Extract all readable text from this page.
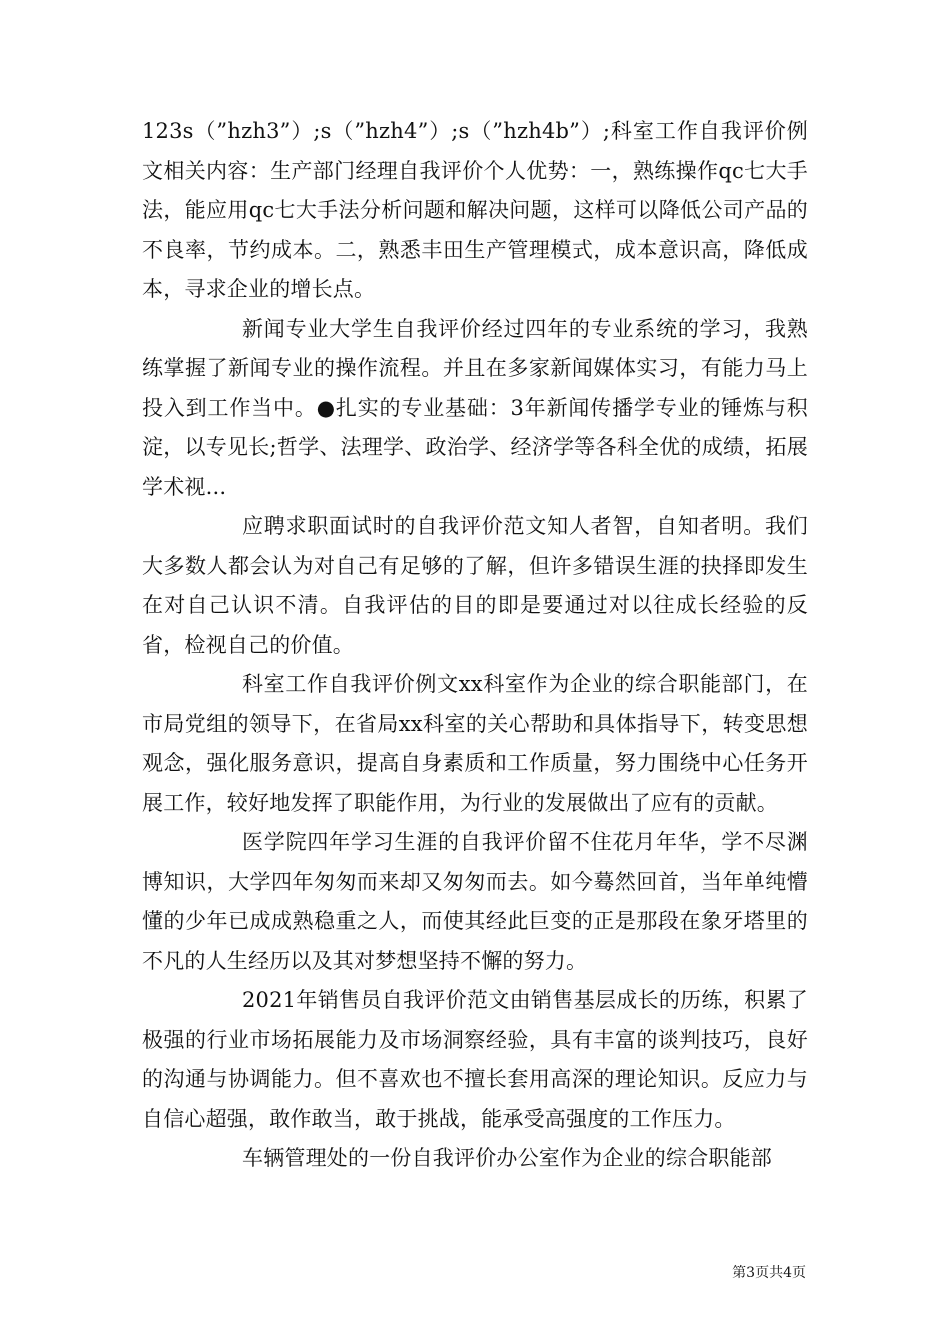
123s（”hzh3”）;s（”hzh4”）;s（”hzh4b”）;科室工作自我评价例文相关内容：生产部门经理自我评价个人优势：一，熟练操作qc七大手法，能应用qc七大手法分析问题和解决问题，这样可以降低公司产品的不良率，节约成本。二，熟悉丰田生产管理模式，成本意识高，降低成本，寻求企业的增长点。

新闻专业大学生自我评价经过四年的专业系统的学习，我熟练掌握了新闻专业的操作流程。并且在多家新闻媒体实习，有能力马上投入到工作当中。●扎实的专业基础：3年新闻传播学专业的锤炼与积淀，以专见长;哲学、法理学、政治学、经济学等各科全优的成绩，拓展学术视...

应聘求职面试时的自我评价范文知人者智，自知者明。我们大多数人都会认为对自己有足够的了解，但许多错误生涯的抉择即发生在对自己认识不清。自我评估的目的即是要通过对以往成长经验的反省，检视自己的价值。

科室工作自我评价例文xx科室作为企业的综合职能部门，在市局党组的领导下，在省局xx科室的关心帮助和具体指导下，转变思想观念，强化服务意识，提高自身素质和工作质量，努力围绕中心任务开展工作，较好地发挥了职能作用，为行业的发展做出了应有的贡献。

医学院四年学习生涯的自我评价留不住花月年华，学不尽渊博知识，大学四年匆匆而来却又匆匆而去。如今蓦然回首，当年单纯懵懂的少年已成成熟稳重之人，而使其经此巨变的正是那段在象牙塔里的不凡的人生经历以及其对梦想坚持不懈的努力。

2021年销售员自我评价范文由销售基层成长的历练，积累了极强的行业市场拓展能力及市场洞察经验，具有丰富的谈判技巧，良好的沟通与协调能力。但不喜欢也不擅长套用高深的理论知识。反应力与自信心超强，敢作敢当，敢于挑战，能承受高强度的工作压力。

车辆管理处的一份自我评价办公室作为企业的综合职能部

第3页共4页
